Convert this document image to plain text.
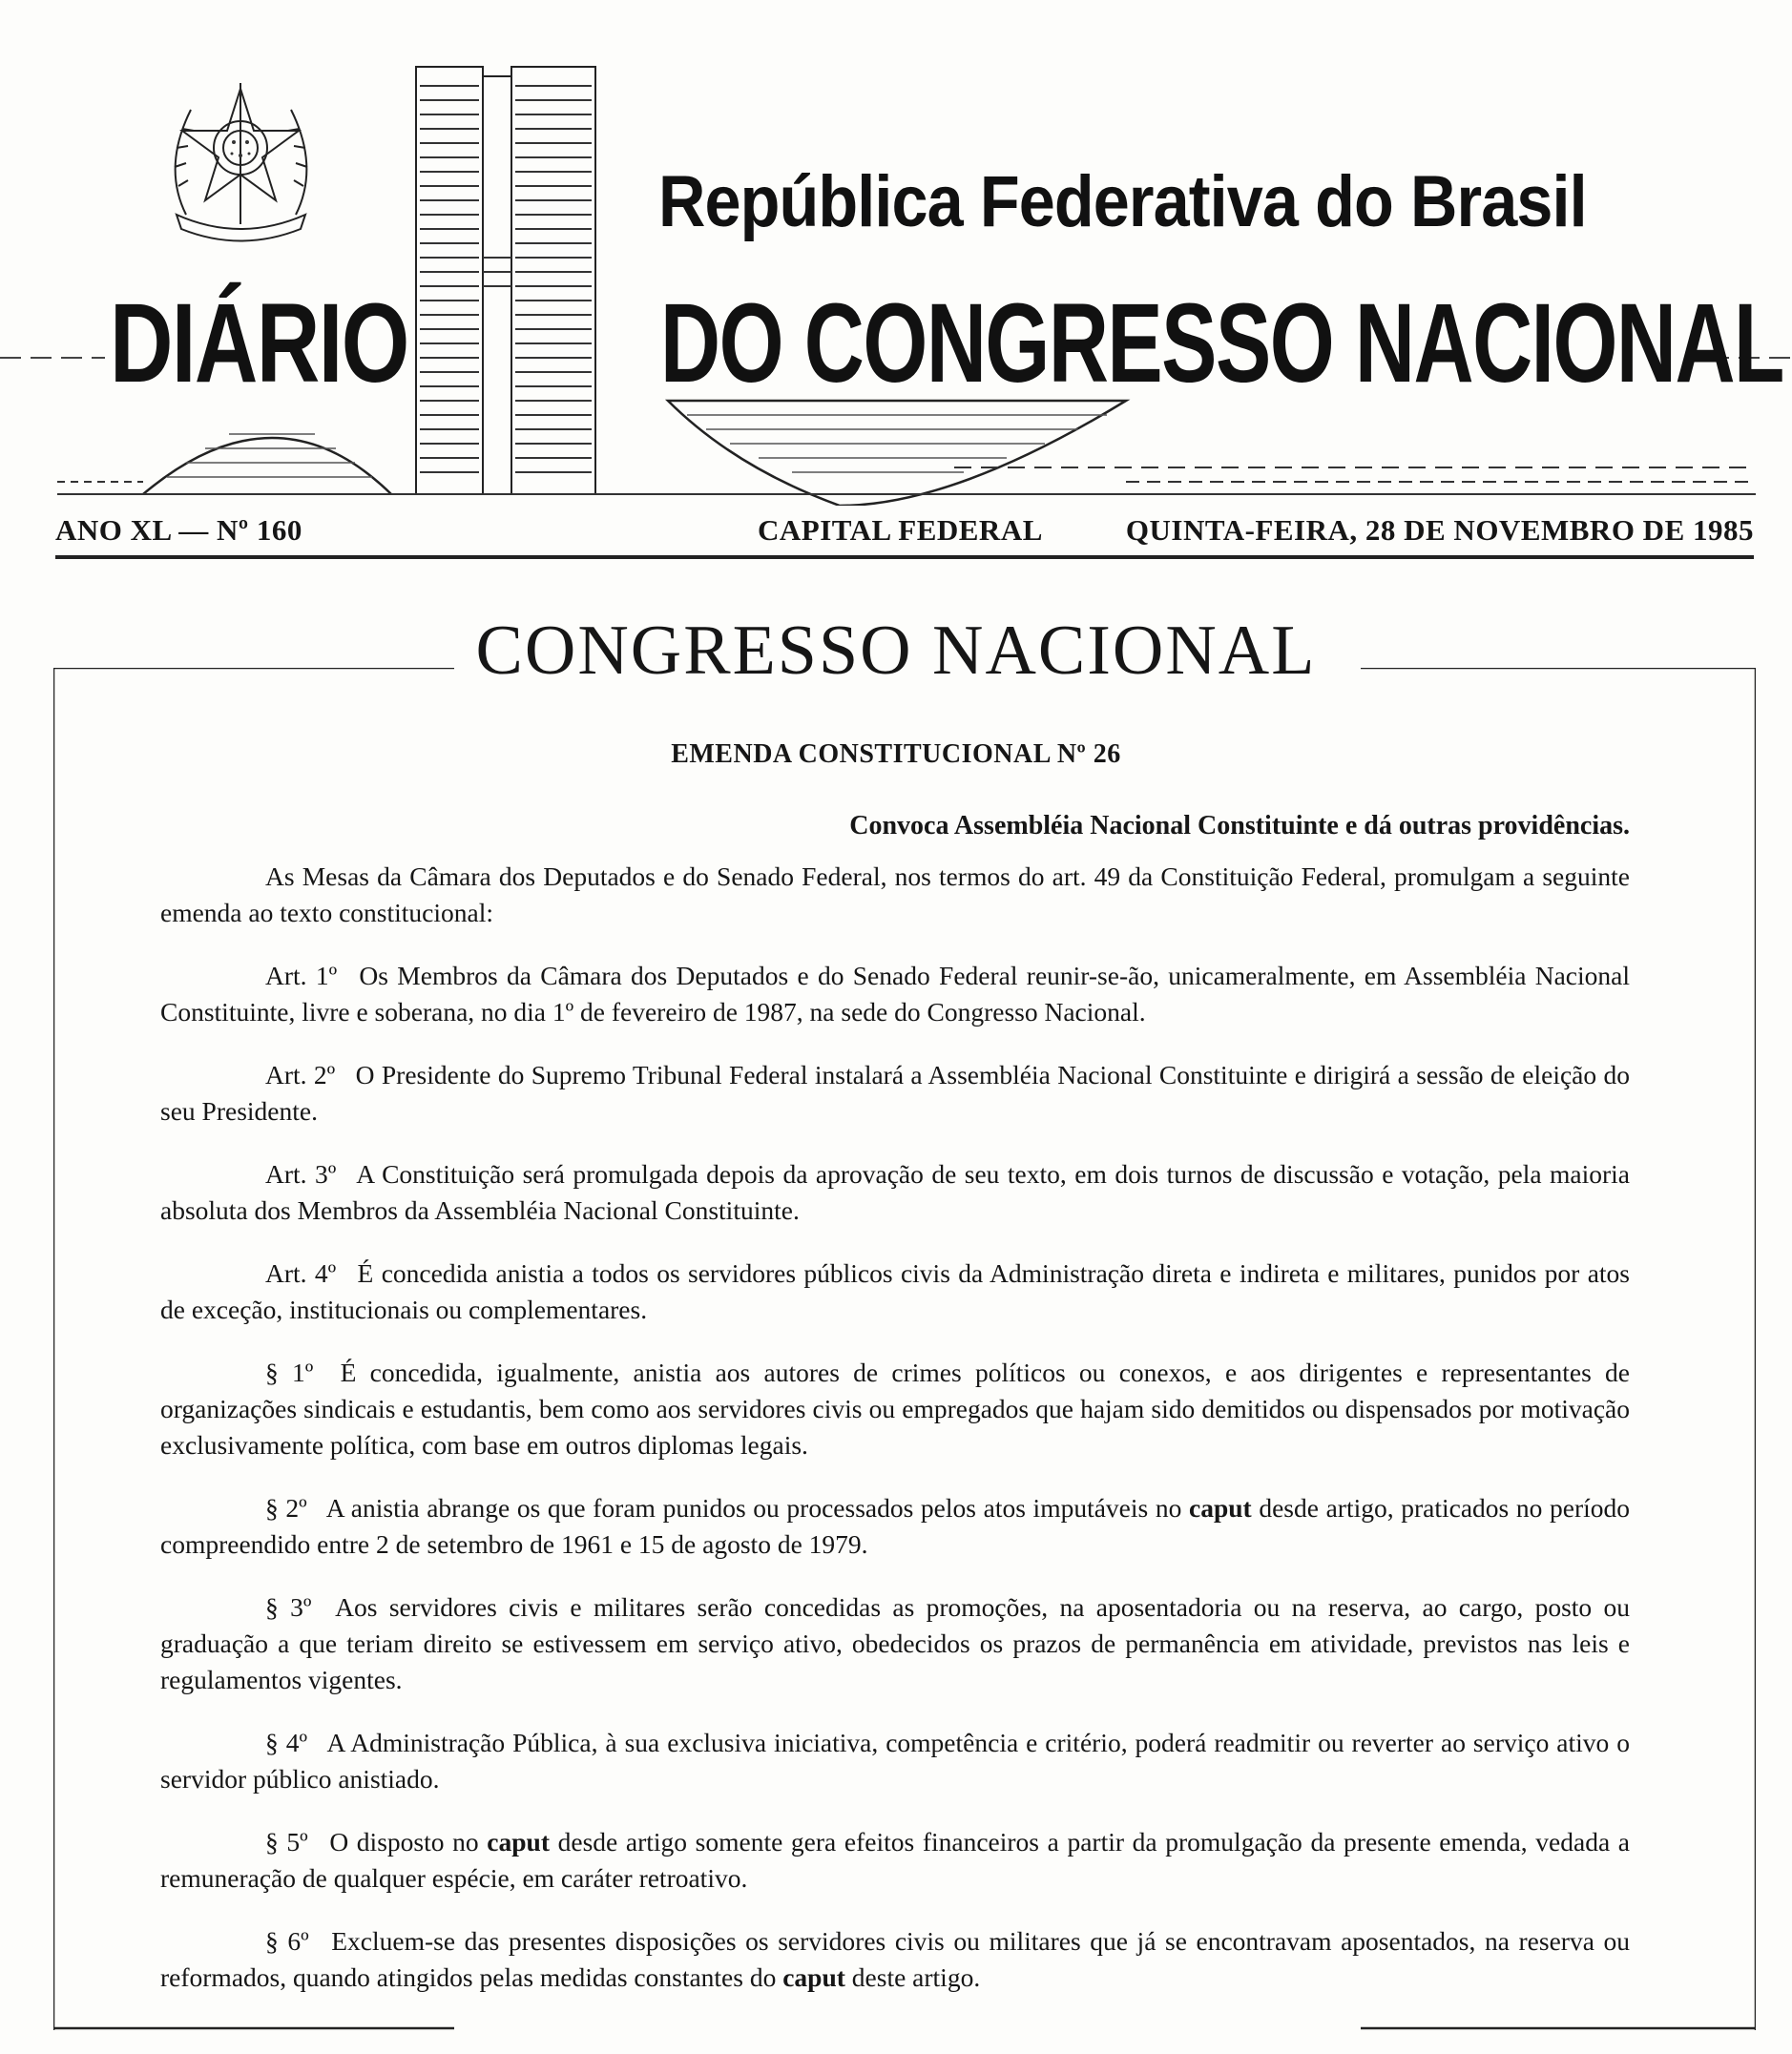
República Federativa do Brasil
DIÁRIO DO CONGRESSO NACIONAL
ANO XL — Nº 160	CAPITAL FEDERAL	QUINTA-FEIRA, 28 DE NOVEMBRO DE 1985
CONGRESSO NACIONAL
EMENDA CONSTITUCIONAL Nº 26
Convoca Assembléia Nacional Constituinte e dá outras providências.

As Mesas da Câmara dos Deputados e do Senado Federal, nos termos do art. 49 da Constituição Federal, promulgam a seguinte emenda ao texto constitucional:

Art. 1º Os Membros da Câmara dos Deputados e do Senado Federal reunir-se-ão, unicameralmente, em Assembléia Nacional Constituinte, livre e soberana, no dia 1º de fevereiro de 1987, na sede do Congresso Nacional.

Art. 2º O Presidente do Supremo Tribunal Federal instalará a Assembléia Nacional Constituinte e dirigirá a sessão de eleição do seu Presidente.

Art. 3º A Constituição será promulgada depois da aprovação de seu texto, em dois turnos de discussão e votação, pela maioria absoluta dos Membros da Assembléia Nacional Constituinte.

Art. 4º É concedida anistia a todos os servidores públicos civis da Administração direta e indireta e militares, punidos por atos de exceção, institucionais ou complementares.

§ 1º É concedida, igualmente, anistia aos autores de crimes políticos ou conexos, e aos dirigentes e representantes de organizações sindicais e estudantis, bem como aos servidores civis ou empregados que hajam sido demitidos ou dispensados por motivação exclusivamente política, com base em outros diplomas legais.

§ 2º A anistia abrange os que foram punidos ou processados pelos atos imputáveis no caput desde artigo, praticados no período compreendido entre 2 de setembro de 1961 e 15 de agosto de 1979.

§ 3º Aos servidores civis e militares serão concedidas as promoções, na aposentadoria ou na reserva, ao cargo, posto ou graduação a que teriam direito se estivessem em serviço ativo, obedecidos os prazos de permanência em atividade, previstos nas leis e regulamentos vigentes.

§ 4º A Administração Pública, à sua exclusiva iniciativa, competência e critério, poderá readmitir ou reverter ao serviço ativo o servidor público anistiado.

§ 5º O disposto no caput desde artigo somente gera efeitos financeiros a partir da promulgação da presente emenda, vedada a remuneração de qualquer espécie, em caráter retroativo.

§ 6º Excluem-se das presentes disposições os servidores civis ou militares que já se encontravam aposentados, na reserva ou reformados, quando atingidos pelas medidas constantes do caput deste artigo.
